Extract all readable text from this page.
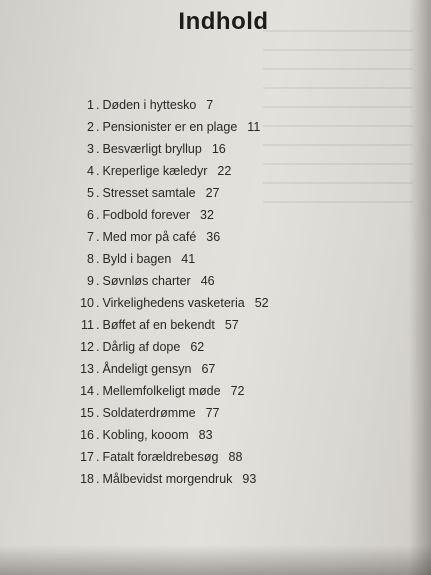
Indhold
1. Døden i hyttesko 7
2. Pensionister er en plage 11
3. Besværligt bryllup 16
4. Kreperlige kæledyr 22
5. Stresset samtale 27
6. Fodbold forever 32
7. Med mor på café 36
8. Byld i bagen 41
9. Søvnløs charter 46
10. Virkelighedens vasketeria 52
11. Bøffet af en bekendt 57
12. Dårlig af dope 62
13. Åndeligt gensyn 67
14. Mellemfolkeligt møde 72
15. Soldaterdrømme 77
16. Kobling, kooom 83
17. Fatalt forældrebesøg 88
18. Målbevidst morgendruk 93
